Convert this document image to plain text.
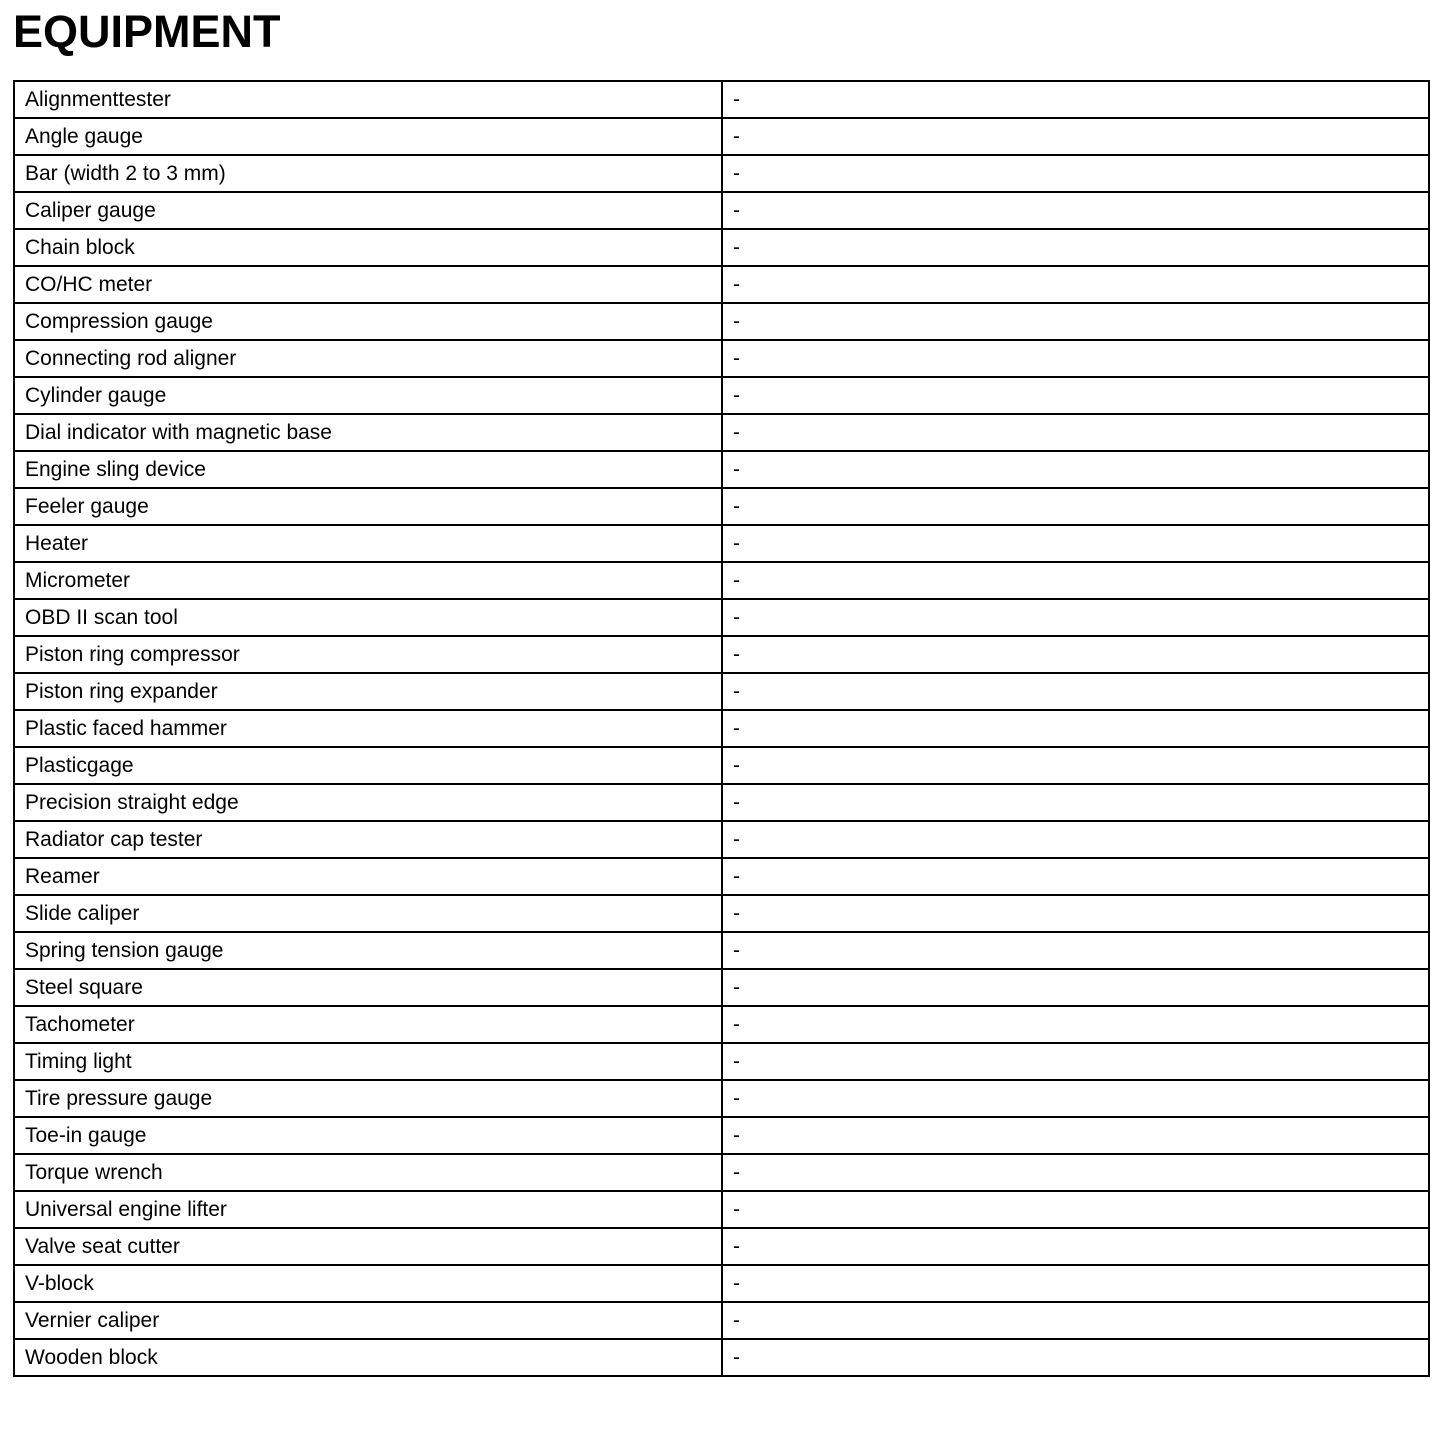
EQUIPMENT
Alignmenttester	-
Angle gauge	-
Bar (width 2 to 3 mm)	-
Caliper gauge	-
Chain block	-
CO/HC meter	-
Compression gauge	-
Connecting rod aligner	-
Cylinder gauge	-
Dial indicator with magnetic base	-
Engine sling device	-
Feeler gauge	-
Heater	-
Micrometer	-
OBD II scan tool	-
Piston ring compressor	-
Piston ring expander	-
Plastic faced hammer	-
Plasticgage	-
Precision straight edge	-
Radiator cap tester	-
Reamer	-
Slide caliper	-
Spring tension gauge	-
Steel square	-
Tachometer	-
Timing light	-
Tire pressure gauge	-
Toe-in gauge	-
Torque wrench	-
Universal engine lifter	-
Valve seat cutter	-
V-block	-
Vernier caliper	-
Wooden block	-
